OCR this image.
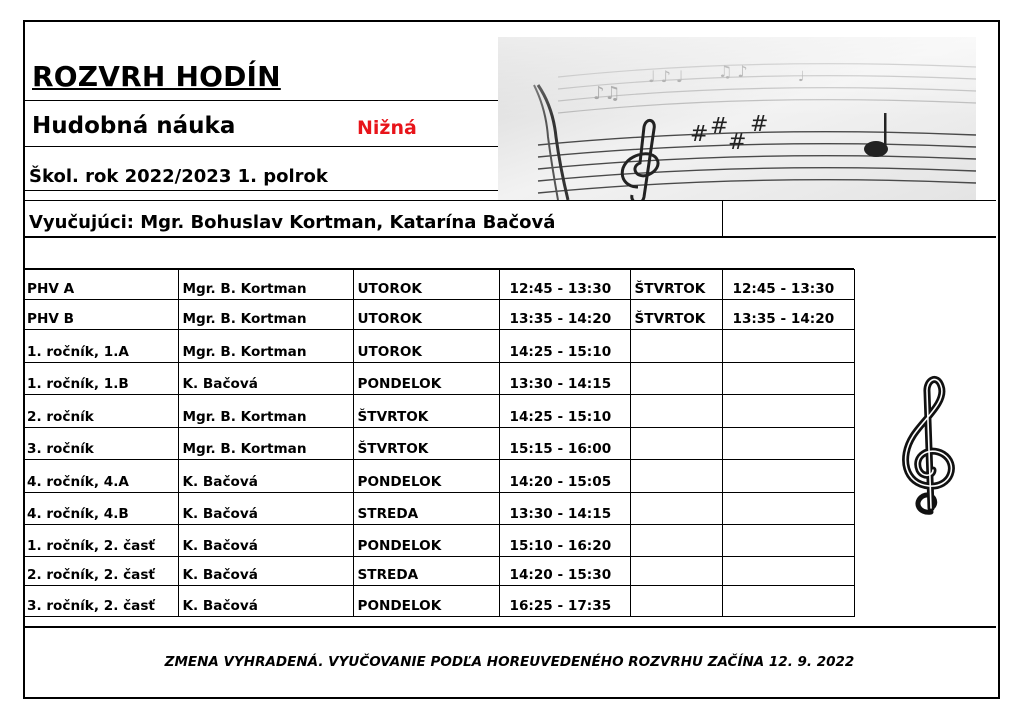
ROZVRH HODÍN
Hudobná náuka	Nižná
Škol. rok 2022/2023 1. polrok
Vyučujúci: Mgr. Bohuslav Kortman, Katarína Bačová
PHV A	Mgr. B. Kortman	UTOROK	12:45 - 13:30	ŠTVRTOK	12:45 - 13:30
PHV B	Mgr. B. Kortman	UTOROK	13:35 - 14:20	ŠTVRTOK	13:35 - 14:20
1. ročník, 1.A	Mgr. B. Kortman	UTOROK	14:25 - 15:10		
1. ročník, 1.B	K. Bačová	PONDELOK	13:30 - 14:15		
2. ročník	Mgr. B. Kortman	ŠTVRTOK	14:25 - 15:10		
3. ročník	Mgr. B. Kortman	ŠTVRTOK	15:15 - 16:00		
4. ročník, 4.A	K. Bačová	PONDELOK	14:20 - 15:05		
4. ročník, 4.B	K. Bačová	STREDA	13:30 - 14:15		
1. ročník, 2. časť	K. Bačová	PONDELOK	15:10 - 16:20		
2. ročník, 2. časť	K. Bačová	STREDA	14:20 - 15:30		
3. ročník, 2. časť	K. Bačová	PONDELOK	16:25 - 17:35		
ZMENA VYHRADENÁ. VYUČOVANIE PODĽA HOREUVEDENÉHO ROZVRHU ZAČÍNA 12. 9. 2022
